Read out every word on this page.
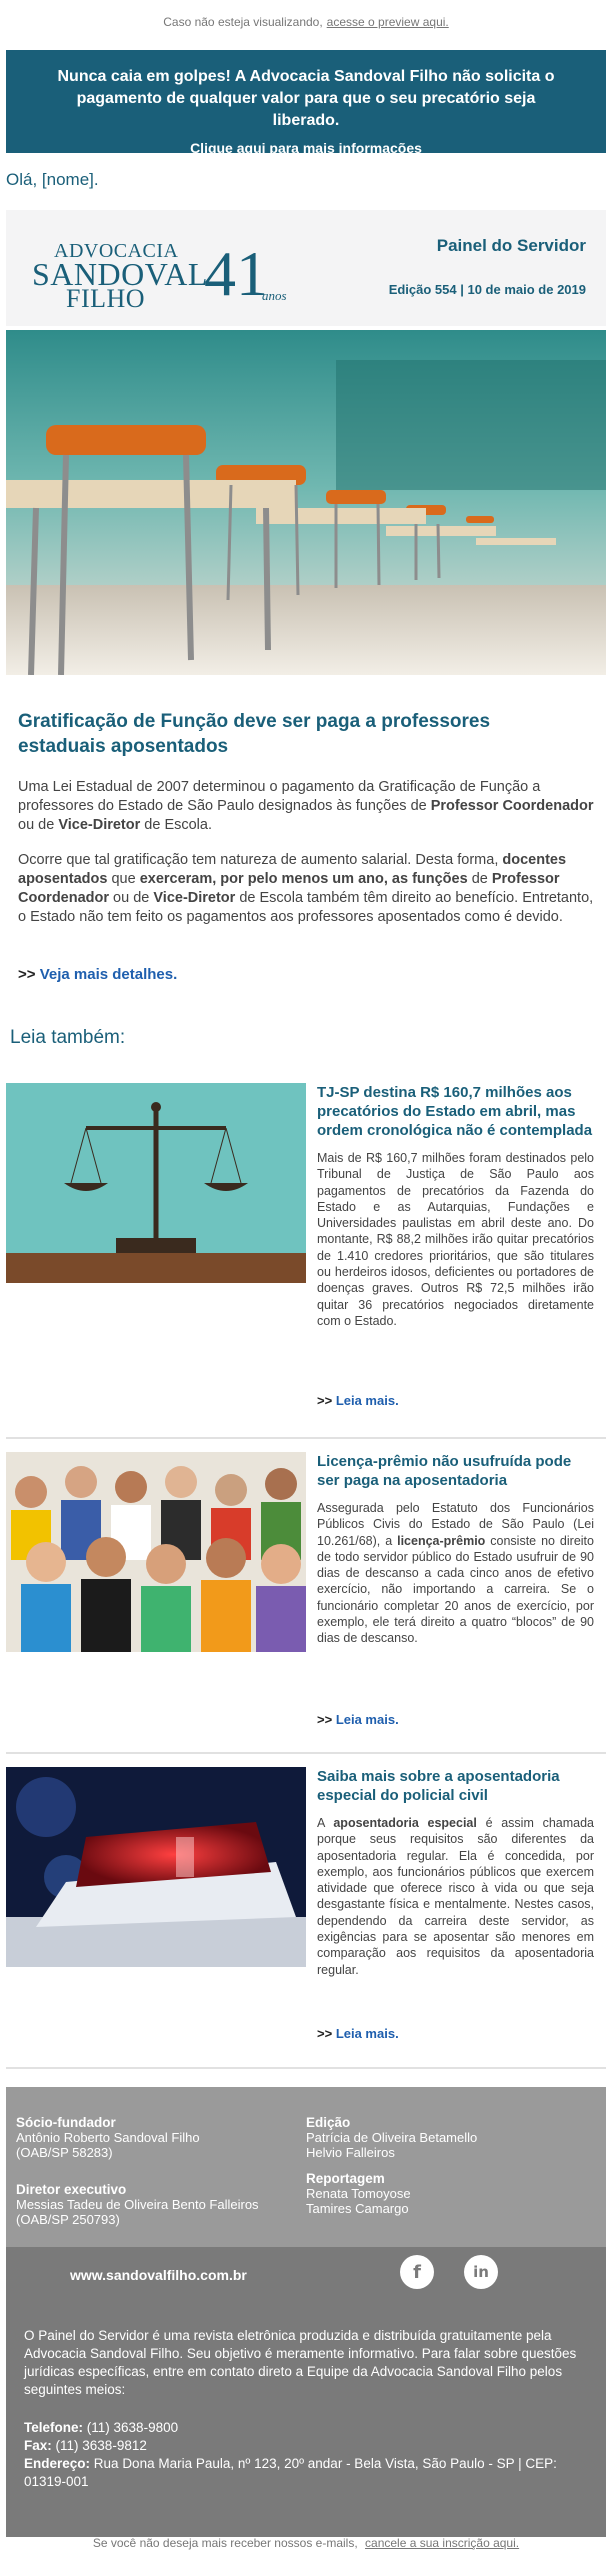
Caso não esteja visualizando, acesse o preview aqui.
Nunca caia em golpes! A Advocacia Sandoval Filho não solicita o pagamento de qualquer valor para que o seu precatório seja liberado.
Clique aqui para mais informações
Olá, [nome].
ADVOCACIA
SANDOVAL
FILHO 41
anos
Painel do Servidor
Edição 554 | 10 de maio de 2019
Gratificação de Função deve ser paga a professores estaduais aposentados
Uma Lei Estadual de 2007 determinou o pagamento da Gratificação de Função a professores do Estado de São Paulo designados às funções de Professor Coordenador ou de Vice-Diretor de Escola.
Ocorre que tal gratificação tem natureza de aumento salarial. Desta forma, docentes aposentados que exerceram, por pelo menos um ano, as funções de Professor Coordenador ou de Vice-Diretor de Escola também têm direito ao benefício. Entretanto, o Estado não tem feito os pagamentos aos professores aposentados como é devido.
>> Veja mais detalhes.
Leia também:
TJ-SP destina R$ 160,7 milhões aos precatórios do Estado em abril, mas ordem cronológica não é contemplada
Mais de R$ 160,7 milhões foram destinados pelo Tribunal de Justiça de São Paulo aos pagamentos de precatórios da Fazenda do Estado e as Autarquias, Fundações e Universidades paulistas em abril deste ano. Do montante, R$ 88,2 milhões irão quitar precatórios de 1.410 credores prioritários, que são titulares ou herdeiros idosos, deficientes ou portadores de doenças graves. Outros R$ 72,5 milhões irão quitar 36 precatórios negociados diretamente com o Estado.
>> Leia mais.
Licença-prêmio não usufruída pode ser paga na aposentadoria
Assegurada pelo Estatuto dos Funcionários Públicos Civis do Estado de São Paulo (Lei 10.261/68), a licença-prêmio consiste no direito de todo servidor público do Estado usufruir de 90 dias de descanso a cada cinco anos de efetivo exercício, não importando a carreira. Se o funcionário completar 20 anos de exercício, por exemplo, ele terá direito a quatro “blocos” de 90 dias de descanso.
>> Leia mais.
Saiba mais sobre a aposentadoria especial do policial civil
A aposentadoria especial é assim chamada porque seus requisitos são diferentes da aposentadoria regular. Ela é concedida, por exemplo, aos funcionários públicos que exercem atividade que oferece risco à vida ou que seja desgastante física e mentalmente. Nestes casos, dependendo da carreira deste servidor, as exigências para se aposentar são menores em comparação aos requisitos da aposentadoria regular.
>> Leia mais.
Sócio-fundador
Antônio Roberto Sandoval Filho
(OAB/SP 58283)
Diretor executivo
Messias Tadeu de Oliveira Bento Falleiros
(OAB/SP 250793)
Edição
Patrícia de Oliveira Betamello
Helvio Falleiros
Reportagem
Renata Tomoyose
Tamires Camargo
www.sandovalfilho.com.br	f	in
O Painel do Servidor é uma revista eletrônica produzida e distribuída gratuitamente pela Advocacia Sandoval Filho. Seu objetivo é meramente informativo. Para falar sobre questões jurídicas específicas, entre em contato direto a Equipe da Advocacia Sandoval Filho pelos seguintes meios:
Telefone: (11) 3638-9800
Fax: (11) 3638-9812
Endereço: Rua Dona Maria Paula, nº 123, 20º andar - Bela Vista, São Paulo - SP | CEP: 01319-001
Se você não deseja mais receber nossos e-mails, cancele a sua inscrição aqui.
